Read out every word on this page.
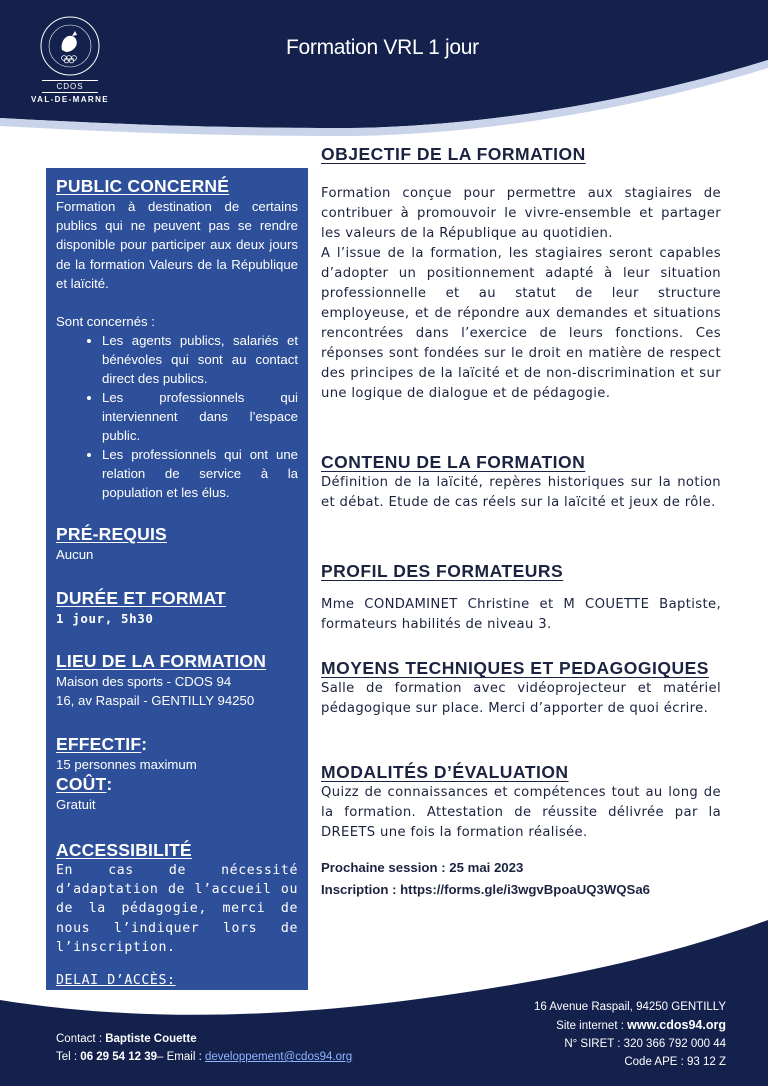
CDOS
VAL-DE-MARNE
Formation VRL 1 jour
PUBLIC CONCERNÉ

Formation à destination de certains publics qui ne peuvent pas se rendre disponible pour participer aux deux jours de la formation Valeurs de la République et laïcité.

Sont concernés :

• Les agents publics, salariés et bénévoles qui sont au contact direct des publics.
• Les professionnels qui interviennent dans l’espace public.
• Les professionnels qui ont une relation de service à la population et les élus.
PRÉ-REQUIS

Aucun

DURÉE ET FORMAT

1 jour, 5h30

LIEU DE LA FORMATION

Maison des sports - CDOS 94

16, av Raspail - GENTILLY 94250

EFFECTIF:

15 personnes maximum

COÛT:

Gratuit

ACCESSIBILITÉ

En cas de nécessité d’adaptation de l’accueil ou de la pédagogie, merci de nous l’indiquer lors de l’inscription.

DELAI D’ACCÈS:

Jusqu’au 23 mai 2023

OBJECTIF DE LA FORMATION

Formation conçue pour permettre aux stagiaires de contribuer à promouvoir le vivre-ensemble et partager les valeurs de la République au quotidien.

A l’issue de la formation, les stagiaires seront capables d’adopter un positionnement adapté à leur situation professionnelle et au statut de leur structure employeuse, et de répondre aux demandes et situations rencontrées dans l’exercice de leurs fonctions. Ces réponses sont fondées sur le droit en matière de respect des principes de la laïcité et de non-discrimination et sur une logique de dialogue et de pédagogie.

CONTENU DE LA FORMATION

Définition de la laïcité, repères historiques sur la notion et débat. Etude de cas réels sur la laïcité et jeux de rôle.

PROFIL DES FORMATEURS

Mme CONDAMINET Christine et M COUETTE Baptiste, formateurs habilités de niveau 3.

MOYENS TECHNIQUES ET PEDAGOGIQUES

Salle de formation avec vidéoprojecteur et matériel pédagogique sur place. Merci d’apporter de quoi écrire.

MODALITÉS D’ÉVALUATION

Quizz de connaissances et compétences tout au long de la formation. Attestation de réussite délivrée par la DREETS une fois la formation réalisée.

Prochaine session : 25 mai 2023
Inscription : https://forms.gle/i3wgvBpoaUQ3WQSa6
Contact : Baptiste Couette
Tel : 06 29 54 12 39– Email : developpement@cdos94.org
16 Avenue Raspail, 94250 GENTILLY
Site internet : www.cdos94.org
N° SIRET : 320 366 792 000 44
Code APE : 93 12 Z
